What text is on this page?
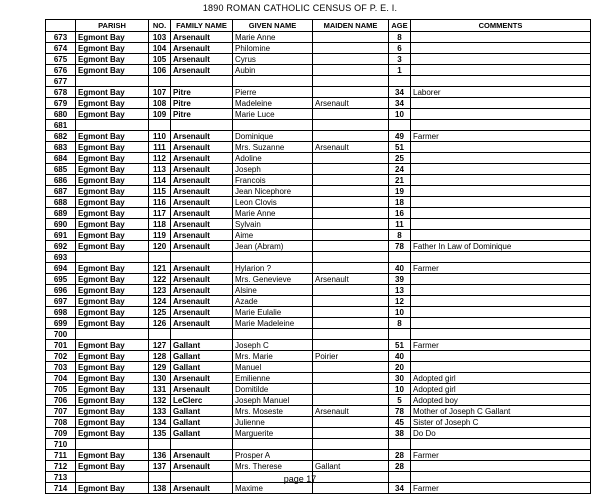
1890 ROMAN CATHOLIC CENSUS OF P. E. I.
	PARISH	NO.	FAMILY NAME	GIVEN NAME	MAIDEN NAME	AGE	COMMENTS
673	Egmont Bay	103	Arsenault	Marie Anne		8	
674	Egmont Bay	104	Arsenault	Philomine		6	
675	Egmont Bay	105	Arsenault	Cyrus		3	
676	Egmont Bay	106	Arsenault	Aubin		1	
677							
678	Egmont Bay	107	Pitre	Pierre		34	Laborer
679	Egmont Bay	108	Pitre	Madeleine	Arsenault	34	
680	Egmont Bay	109	Pitre	Marie Luce		10	
681							
682	Egmont Bay	110	Arsenault	Dominique		49	Farmer
683	Egmont Bay	111	Arsenault	Mrs. Suzanne	Arsenault	51	
684	Egmont Bay	112	Arsenault	Adoline		25	
685	Egmont Bay	113	Arsenault	Joseph		24	
686	Egmont Bay	114	Arsenault	Francois		21	
687	Egmont Bay	115	Arsenault	Jean Nicephore		19	
688	Egmont Bay	116	Arsenault	Leon Clovis		18	
689	Egmont Bay	117	Arsenault	Marie Anne		16	
690	Egmont Bay	118	Arsenault	Sylvain		11	
691	Egmont Bay	119	Arsenault	Aime		8	
692	Egmont Bay	120	Arsenault	Jean (Abram)		78	Father In Law of Dominique
693							
694	Egmont Bay	121	Arsenault	Hylarion ?		40	Farmer
695	Egmont Bay	122	Arsenault	Mrs. Genevieve	Arsenault	39	
696	Egmont Bay	123	Arsenault	Alsine		13	
697	Egmont Bay	124	Arsenault	Azade		12	
698	Egmont Bay	125	Arsenault	Marie Eulalie		10	
699	Egmont Bay	126	Arsenault	Marie Madeleine		8	
700							
701	Egmont Bay	127	Gallant	Joseph C		51	Farmer
702	Egmont Bay	128	Gallant	Mrs. Marie	Poirier	40	
703	Egmont Bay	129	Gallant	Manuel		20	
704	Egmont Bay	130	Arsenault	Emilienne		30	Adopted girl
705	Egmont Bay	131	Arsenault	Domitilde		10	Adopted girl
706	Egmont Bay	132	LeClerc	Joseph Manuel		5	Adopted boy
707	Egmont Bay	133	Gallant	Mrs. Moseste	Arsenault	78	Mother of Joseph C Gallant
708	Egmont Bay	134	Gallant	Julienne		45	Sister of Joseph C
709	Egmont Bay	135	Gallant	Marguerite		38	Do Do
710							
711	Egmont Bay	136	Arsenault	Prosper A		28	Farmer
712	Egmont Bay	137	Arsenault	Mrs. Therese	Gallant	28	
713							
714	Egmont Bay	138	Arsenault	Maxime		34	Farmer
page 17
